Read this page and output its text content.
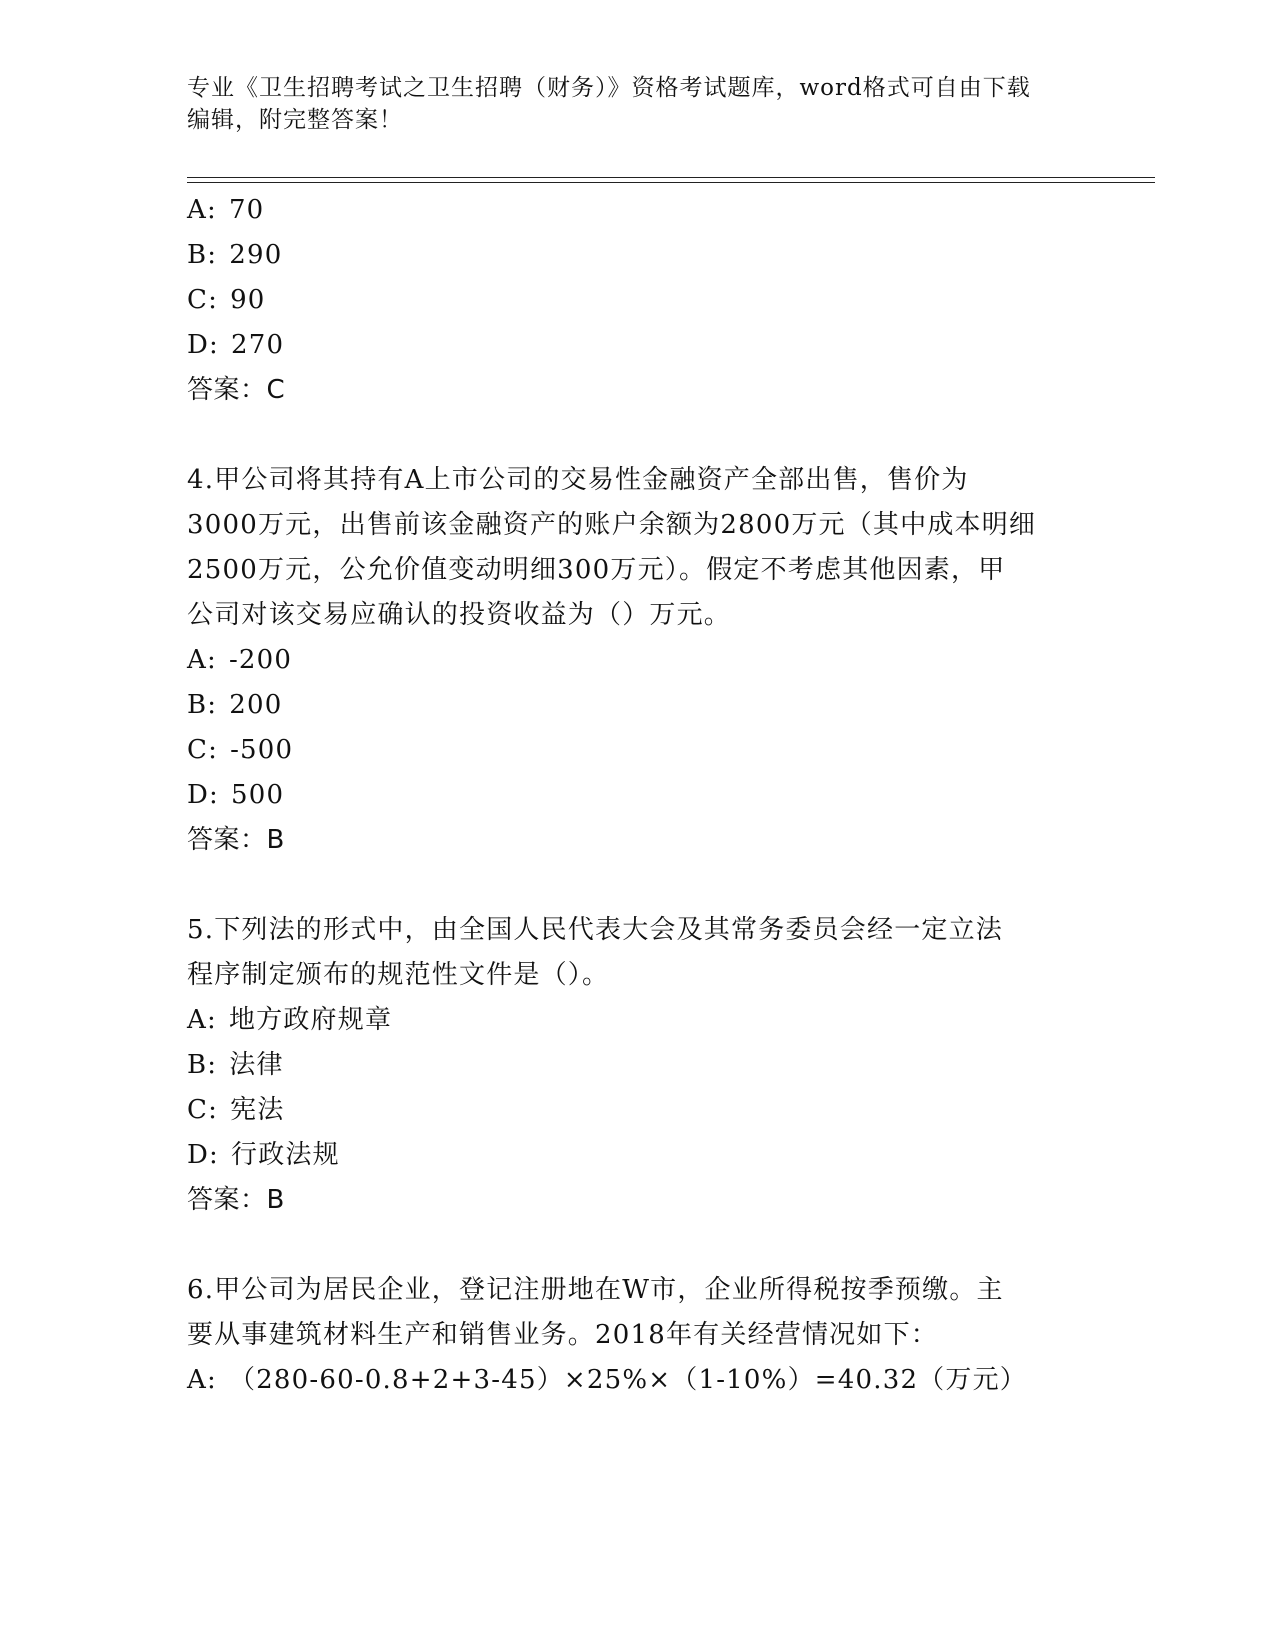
专业《卫生招聘考试之卫生招聘（财务）》资格考试题库，word格式可自由下载
编辑，附完整答案！
A: 70
B: 290
C: 90
D: 270
答案：C
4.甲公司将其持有A上市公司的交易性金融资产全部出售，售价为
3000万元，出售前该金融资产的账户余额为2800万元（其中成本明细
2500万元，公允价值变动明细300万元）。假定不考虑其他因素，甲
公司对该交易应确认的投资收益为（）万元。
A: -200
B: 200
C: -500
D: 500
答案：B
5.下列法的形式中，由全国人民代表大会及其常务委员会经一定立法
程序制定颁布的规范性文件是（）。
A: 地方政府规章
B: 法律
C: 宪法
D: 行政法规
答案：B
6.甲公司为居民企业，登记注册地在W市，企业所得税按季预缴。主
要从事建筑材料生产和销售业务。2018年有关经营情况如下：
A: （280-60-0.8+2+3-45）×25%×（1-10%）=40.32（万元）
